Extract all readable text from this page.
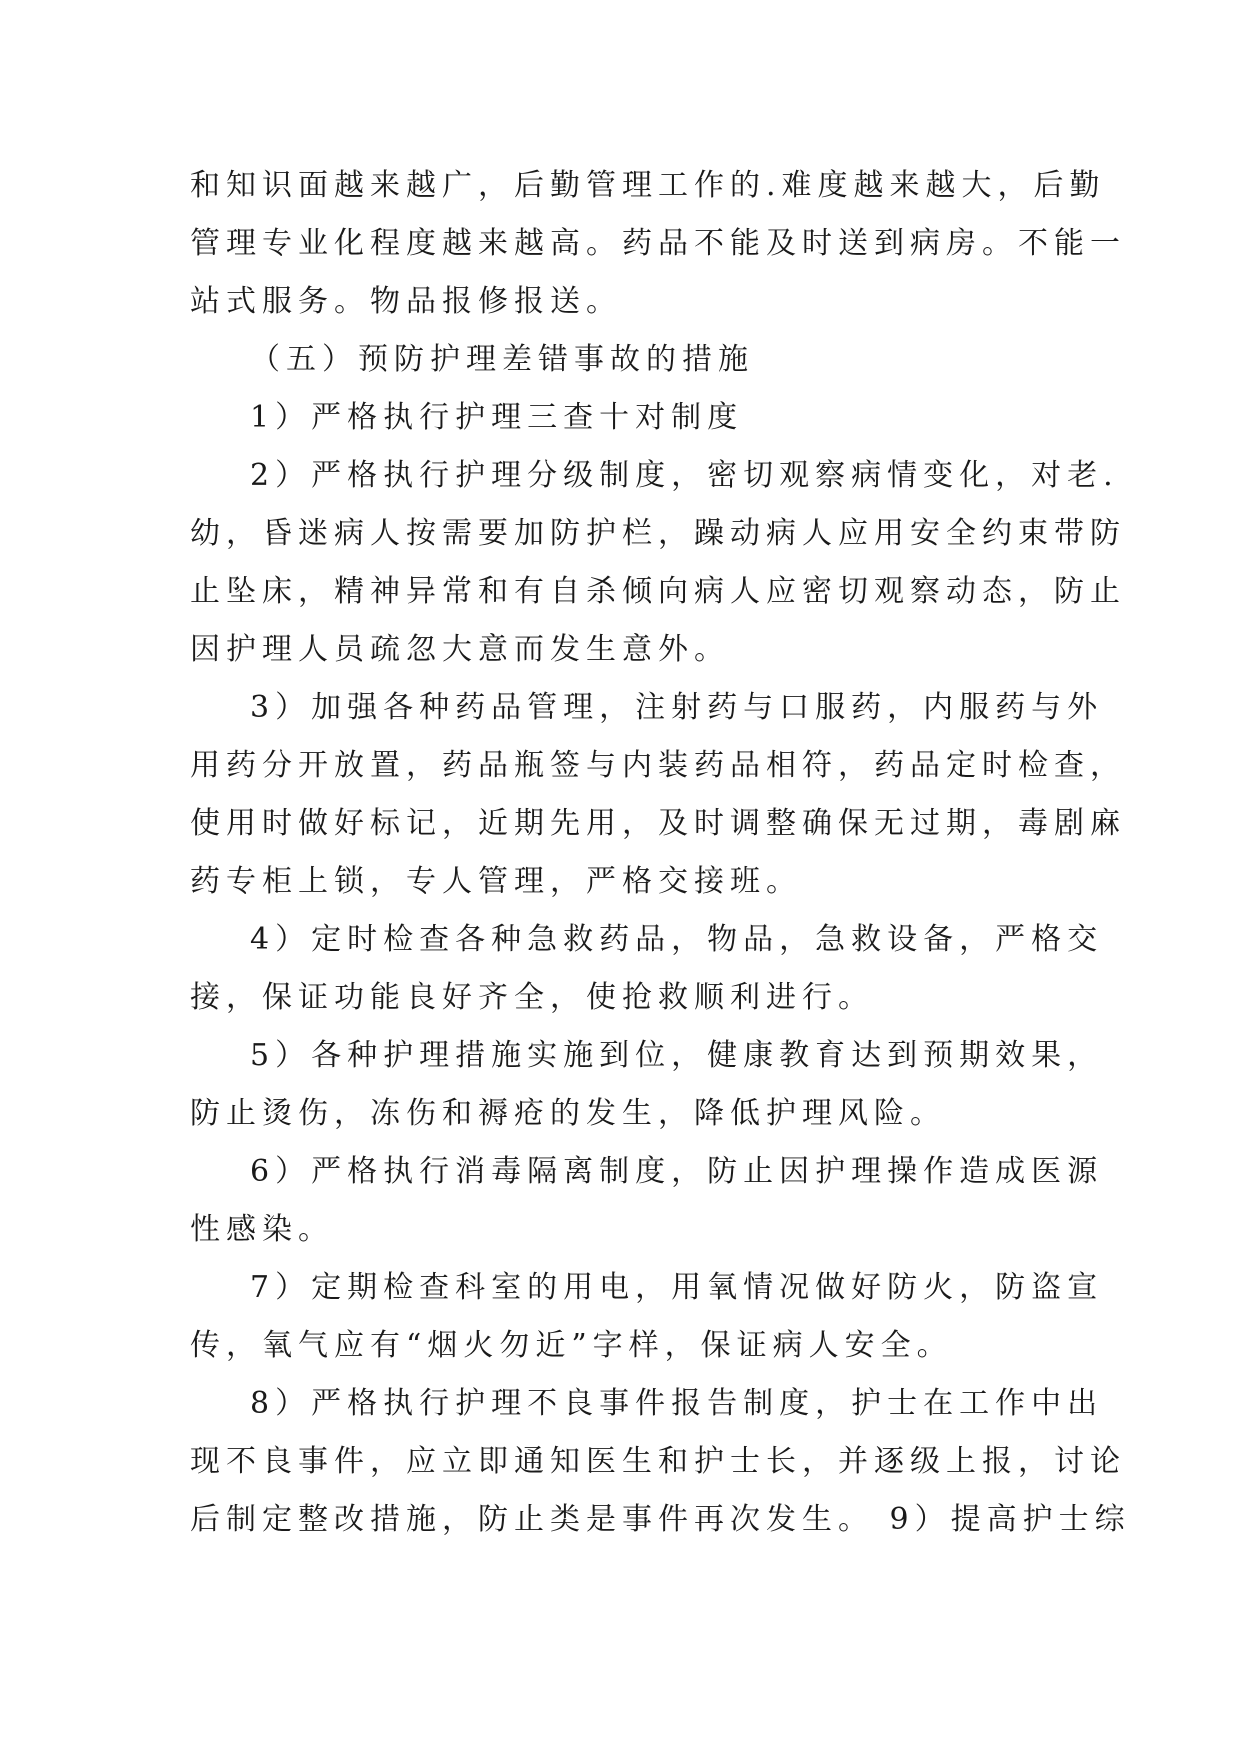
和知识面越来越广，后勤管理工作的.难度越来越大，后勤
管理专业化程度越来越高。药品不能及时送到病房。不能一
站式服务。物品报修报送。

（五）预防护理差错事故的措施

1）严格执行护理三查十对制度

2）严格执行护理分级制度，密切观察病情变化，对老.
幼，昏迷病人按需要加防护栏，躁动病人应用安全约束带防
止坠床，精神异常和有自杀倾向病人应密切观察动态，防止
因护理人员疏忽大意而发生意外。

3）加强各种药品管理，注射药与口服药，内服药与外
用药分开放置，药品瓶签与内装药品相符，药品定时检查，
使用时做好标记，近期先用，及时调整确保无过期，毒剧麻
药专柜上锁，专人管理，严格交接班。

4）定时检查各种急救药品，物品，急救设备，严格交
接，保证功能良好齐全，使抢救顺利进行。

5）各种护理措施实施到位，健康教育达到预期效果，
防止烫伤，冻伤和褥疮的发生，降低护理风险。

6）严格执行消毒隔离制度，防止因护理操作造成医源
性感染。

7）定期检查科室的用电，用氧情况做好防火，防盗宣
传，氧气应有“烟火勿近”字样，保证病人安全。

8）严格执行护理不良事件报告制度，护士在工作中出
现不良事件，应立即通知医生和护士长，并逐级上报，讨论
后制定整改措施，防止类是事件再次发生。 9）提高护士综
